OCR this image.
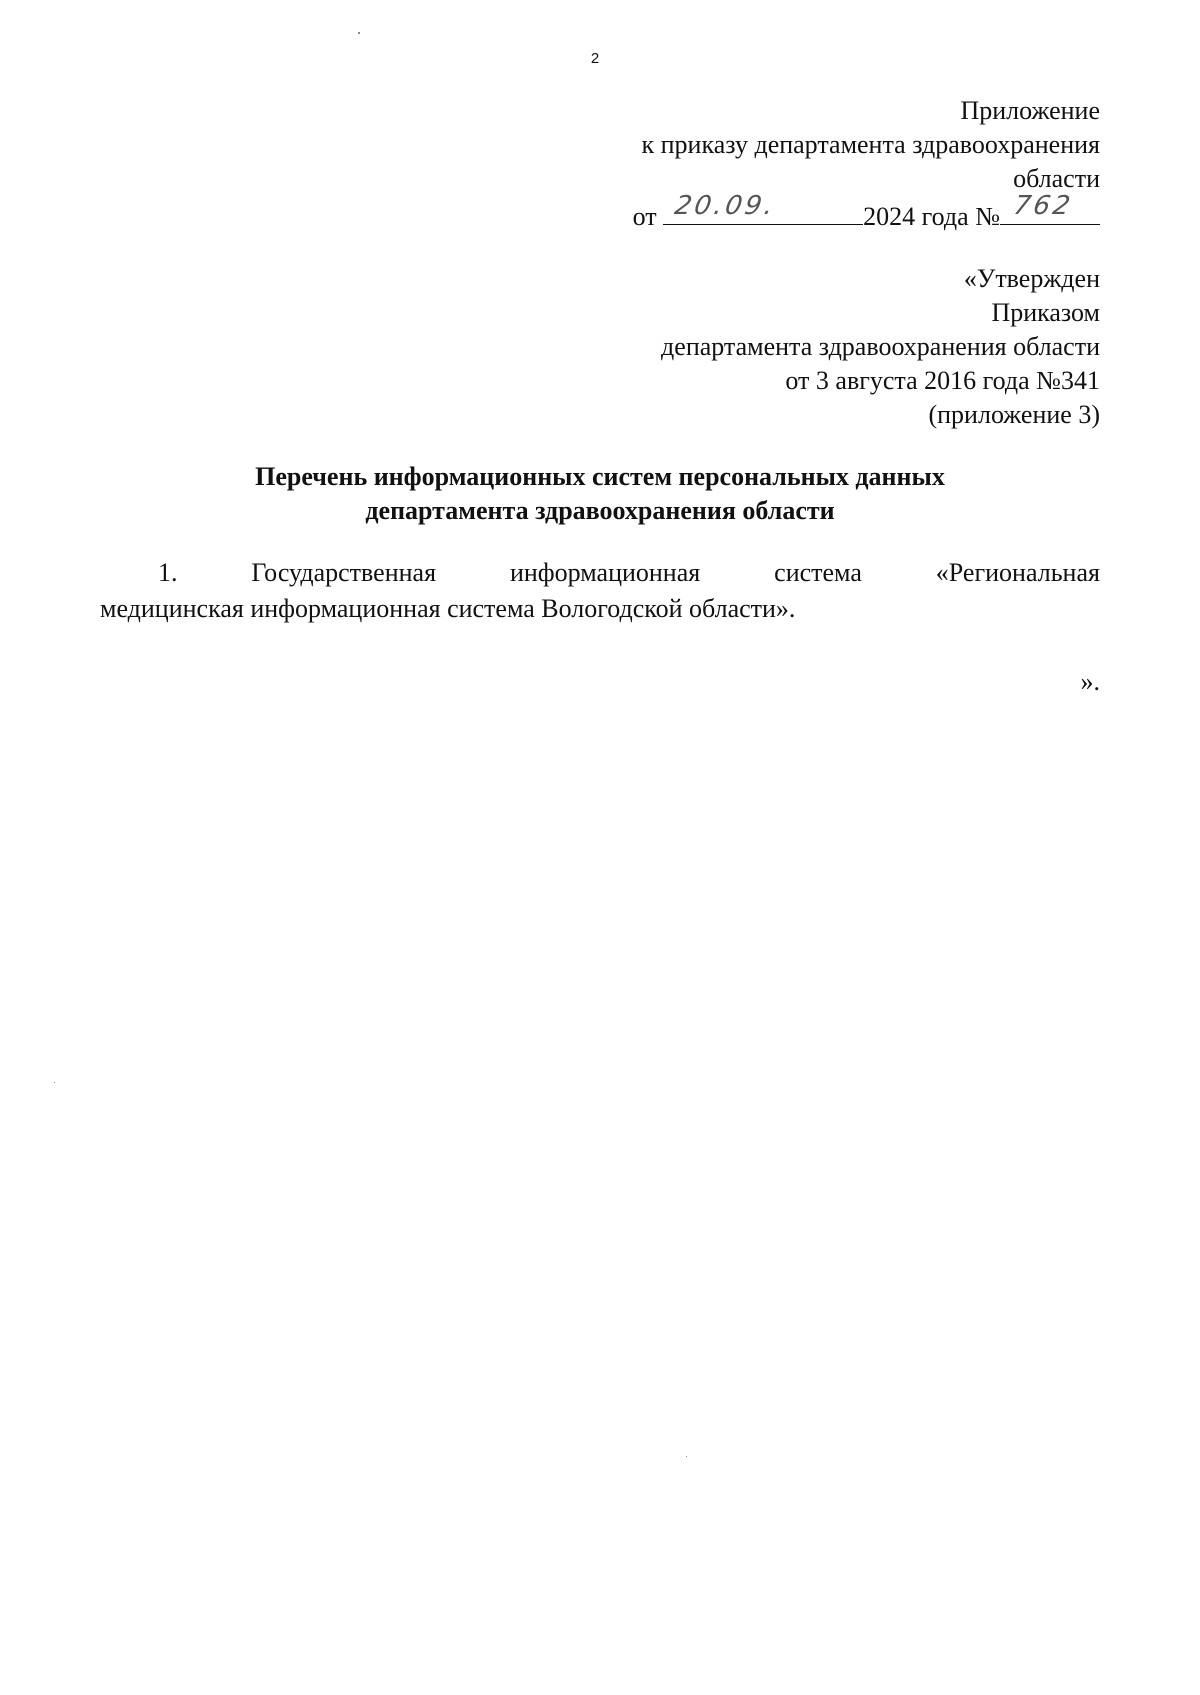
2
Приложение
к приказу департамента здравоохранения
области
от 20.09.	2024 года № 762
«Утвержден
Приказом
департамента здравоохранения области
от 3 августа 2016 года №341
(приложение 3)
Перечень информационных систем персональных данных
департамента здравоохранения области
1.	Государственная	информационная	система	«Региональная
медицинская информационная система Вологодской области».
».
